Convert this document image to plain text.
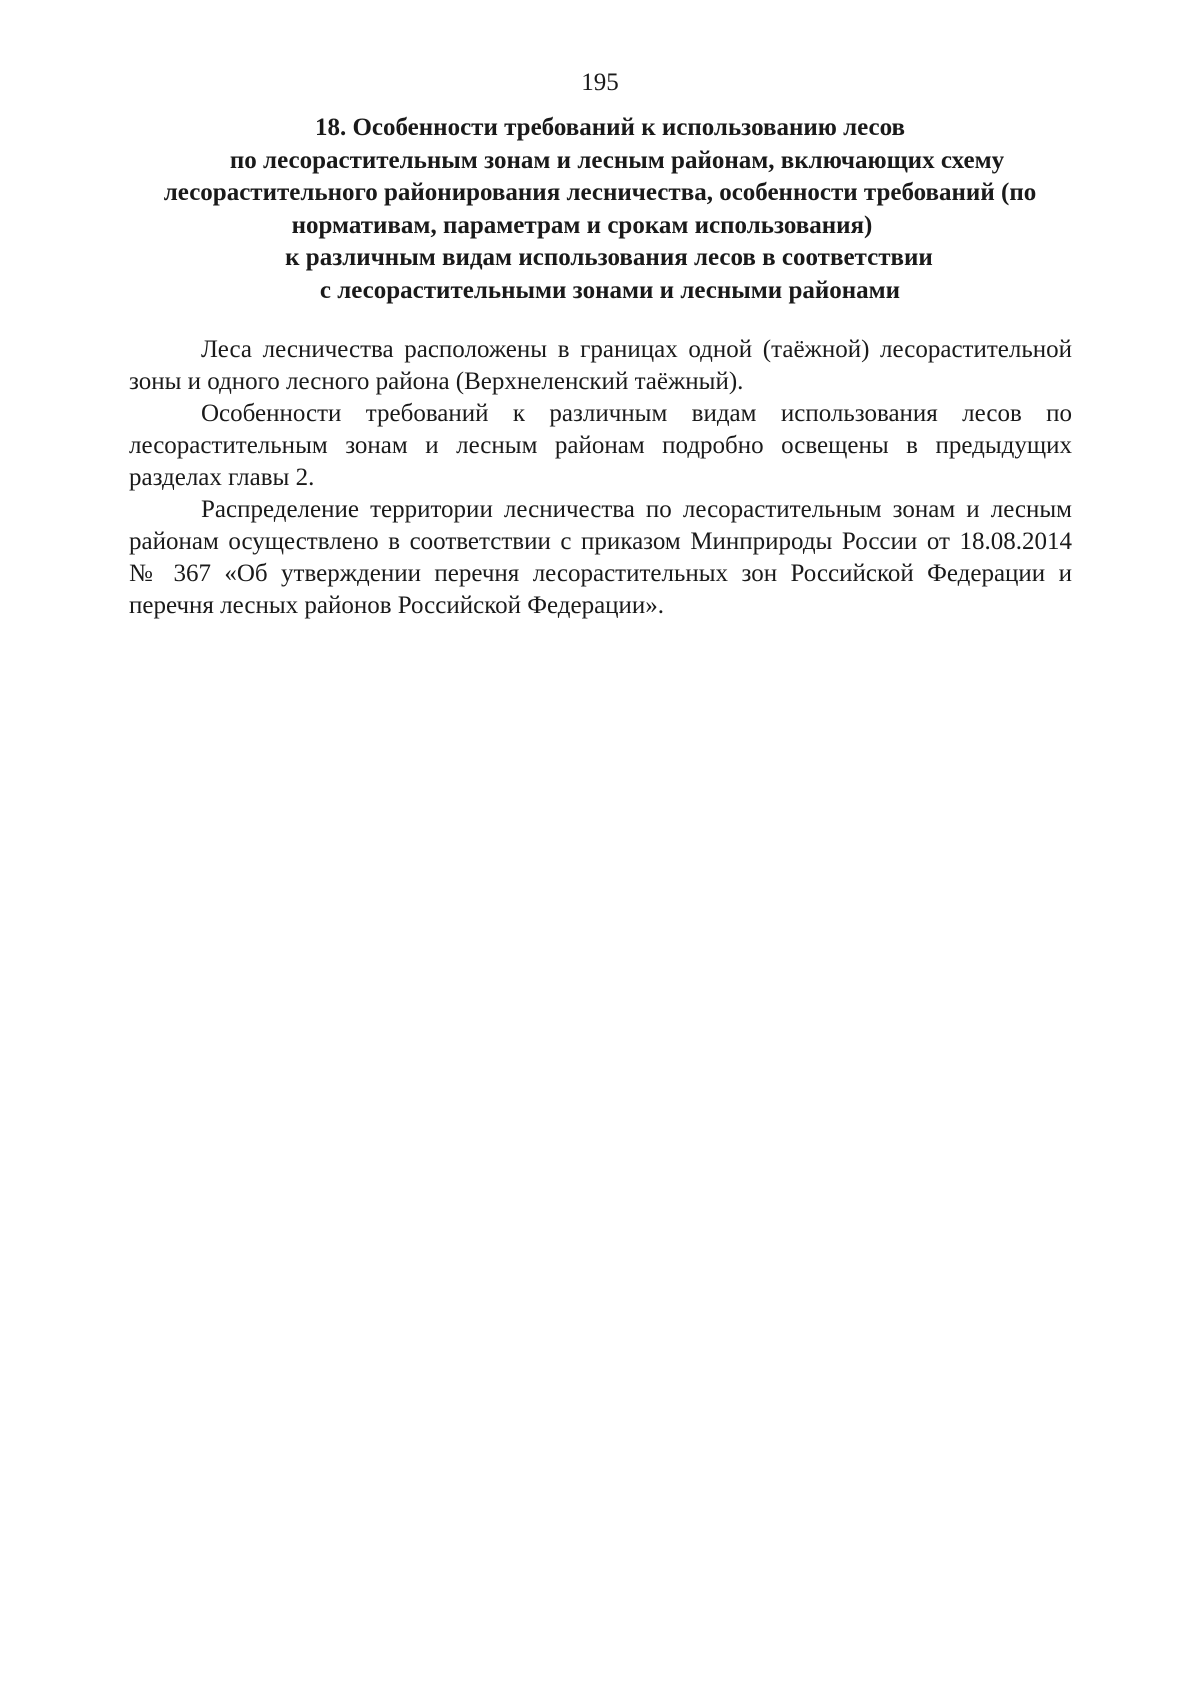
195
18. Особенности требований к использованию лесов
по лесорастительным зонам и лесным районам, включающих схему
лесорастительного районирования лесничества, особенности требований (по
нормативам, параметрам и срокам использования)
к различным видам использования лесов в соответствии
с лесорастительными зонами и лесными районами

Леса лесничества расположены в границах одной (таёжной) лесорастительной зоны и одного лесного района (Верхнеленский таёжный).

Особенности требований к различным видам использования лесов по лесорастительным зонам и лесным районам подробно освещены в предыдущих разделах главы 2.

Распределение территории лесничества по лесорастительным зонам и лесным районам осуществлено в соответствии с приказом Минприроды России от 18.08.2014 № 367 «Об утверждении перечня лесорастительных зон Российской Федерации и перечня лесных районов Российской Федерации».
